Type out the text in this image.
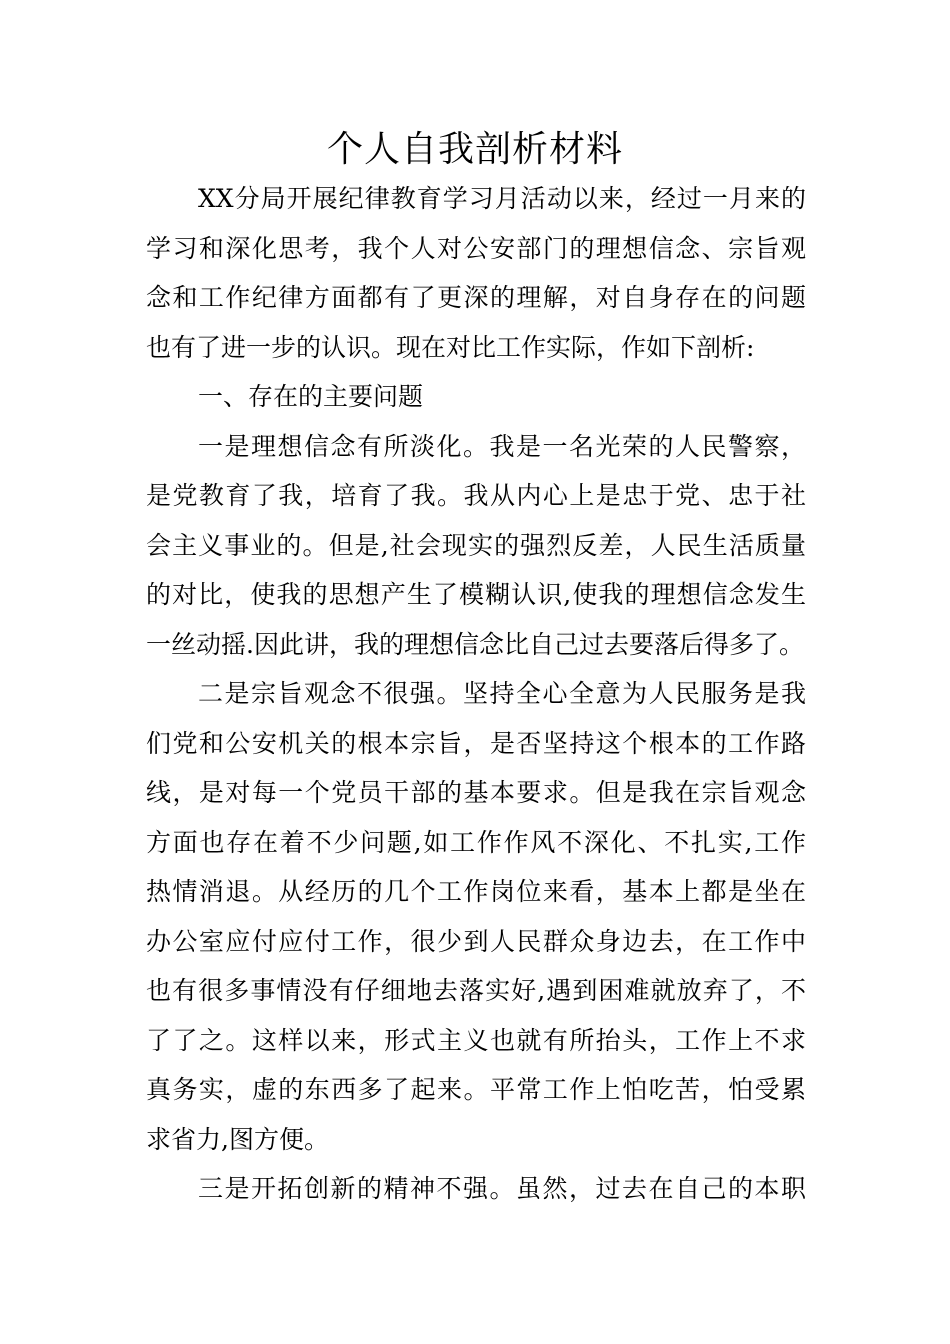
个人自我剖析材料
XX分局开展纪律教育学习月活动以来，经过一月来的
学习和深化思考，我个人对公安部门的理想信念、宗旨观
念和工作纪律方面都有了更深的理解，对自身存在的问题
也有了进一步的认识。现在对比工作实际，作如下剖析:
一、存在的主要问题
一是理想信念有所淡化。我是一名光荣的人民警察，
是党教育了我，培育了我。我从内心上是忠于党、忠于社
会主义事业的。但是,社会现实的强烈反差，人民生活质量
的对比，使我的思想产生了模糊认识,使我的理想信念发生
一丝动摇.因此讲，我的理想信念比自己过去要落后得多了。
二是宗旨观念不很强。坚持全心全意为人民服务是我
们党和公安机关的根本宗旨，是否坚持这个根本的工作路
线，是对每一个党员干部的基本要求。但是我在宗旨观念
方面也存在着不少问题,如工作作风不深化、不扎实,工作
热情消退。从经历的几个工作岗位来看，基本上都是坐在
办公室应付应付工作，很少到人民群众身边去，在工作中
也有很多事情没有仔细地去落实好,遇到困难就放弃了，不
了了之。这样以来，形式主义也就有所抬头，工作上不求
真务实，虚的东西多了起来。平常工作上怕吃苦，怕受累
求省力,图方便。
三是开拓创新的精神不强。虽然，过去在自己的本职
